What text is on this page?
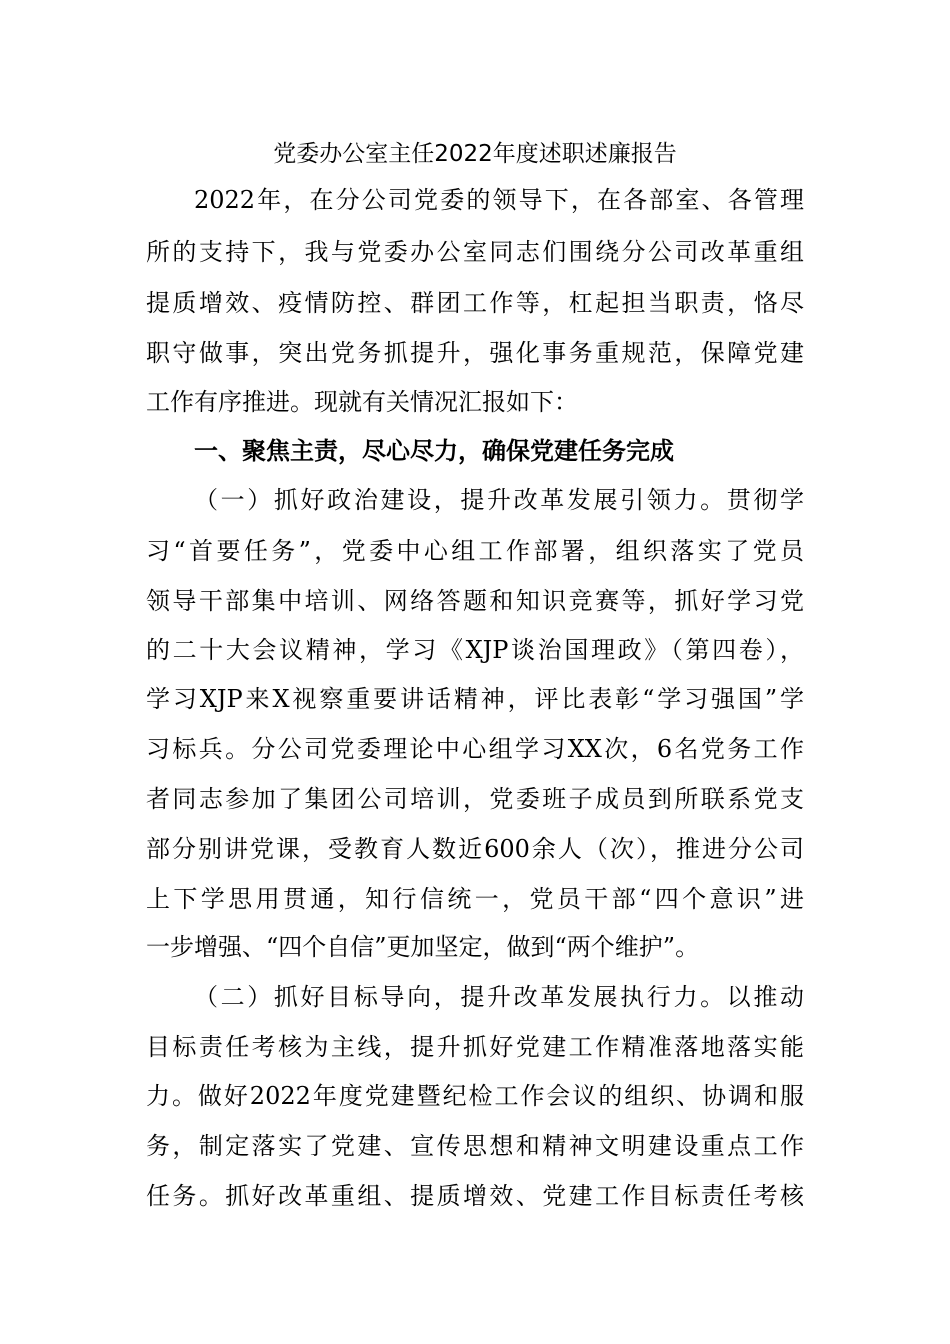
党委办公室主任2022年度述职述廉报告
2022年，在分公司党委的领导下，在各部室、各管理
所的支持下，我与党委办公室同志们围绕分公司改革重组
提质增效、疫情防控、群团工作等，杠起担当职责，恪尽
职守做事，突出党务抓提升，强化事务重规范，保障党建
工作有序推进。现就有关情况汇报如下：
一、聚焦主责，尽心尽力，确保党建任务完成
（一）抓好政治建设，提升改革发展引领力。贯彻学
习“首要任务”，党委中心组工作部署，组织落实了党员
领导干部集中培训、网络答题和知识竞赛等，抓好学习党
的二十大会议精神，学习《XJP谈治国理政》（第四卷），
学习XJP来X视察重要讲话精神，评比表彰“学习强国”学
习标兵。分公司党委理论中心组学习XX次，6名党务工作
者同志参加了集团公司培训，党委班子成员到所联系党支
部分别讲党课，受教育人数近600余人（次），推进分公司
上下学思用贯通，知行信统一，党员干部“四个意识”进
一步增强、“四个自信”更加坚定，做到“两个维护”。
（二）抓好目标导向，提升改革发展执行力。以推动
目标责任考核为主线，提升抓好党建工作精准落地落实能
力。做好2022年度党建暨纪检工作会议的组织、协调和服
务，制定落实了党建、宣传思想和精神文明建设重点工作
任务。抓好改革重组、提质增效、党建工作目标责任考核
